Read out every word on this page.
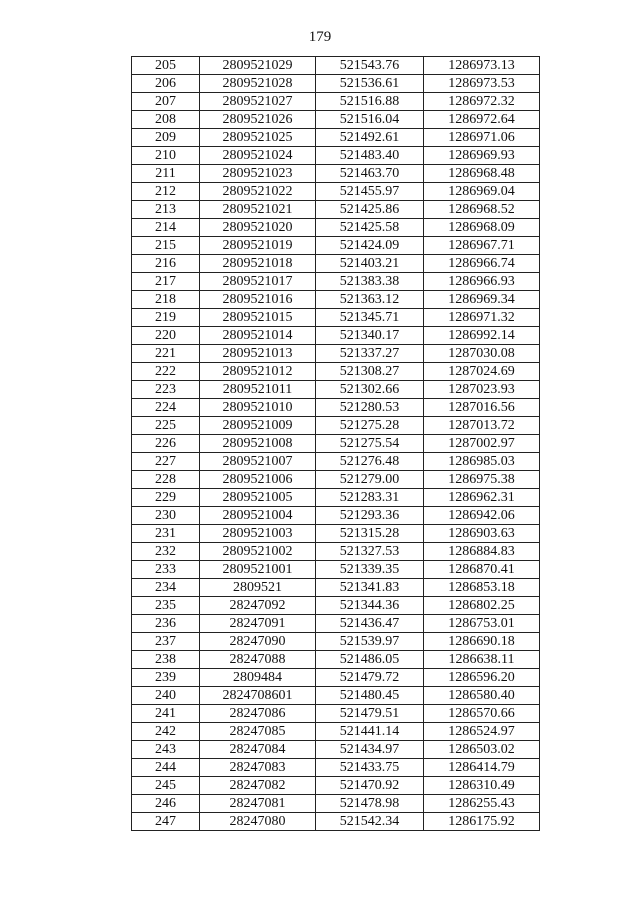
179
205	2809521029	521543.76	1286973.13
206	2809521028	521536.61	1286973.53
207	2809521027	521516.88	1286972.32
208	2809521026	521516.04	1286972.64
209	2809521025	521492.61	1286971.06
210	2809521024	521483.40	1286969.93
211	2809521023	521463.70	1286968.48
212	2809521022	521455.97	1286969.04
213	2809521021	521425.86	1286968.52
214	2809521020	521425.58	1286968.09
215	2809521019	521424.09	1286967.71
216	2809521018	521403.21	1286966.74
217	2809521017	521383.38	1286966.93
218	2809521016	521363.12	1286969.34
219	2809521015	521345.71	1286971.32
220	2809521014	521340.17	1286992.14
221	2809521013	521337.27	1287030.08
222	2809521012	521308.27	1287024.69
223	2809521011	521302.66	1287023.93
224	2809521010	521280.53	1287016.56
225	2809521009	521275.28	1287013.72
226	2809521008	521275.54	1287002.97
227	2809521007	521276.48	1286985.03
228	2809521006	521279.00	1286975.38
229	2809521005	521283.31	1286962.31
230	2809521004	521293.36	1286942.06
231	2809521003	521315.28	1286903.63
232	2809521002	521327.53	1286884.83
233	2809521001	521339.35	1286870.41
234	2809521	521341.83	1286853.18
235	28247092	521344.36	1286802.25
236	28247091	521436.47	1286753.01
237	28247090	521539.97	1286690.18
238	28247088	521486.05	1286638.11
239	2809484	521479.72	1286596.20
240	2824708601	521480.45	1286580.40
241	28247086	521479.51	1286570.66
242	28247085	521441.14	1286524.97
243	28247084	521434.97	1286503.02
244	28247083	521433.75	1286414.79
245	28247082	521470.92	1286310.49
246	28247081	521478.98	1286255.43
247	28247080	521542.34	1286175.92
